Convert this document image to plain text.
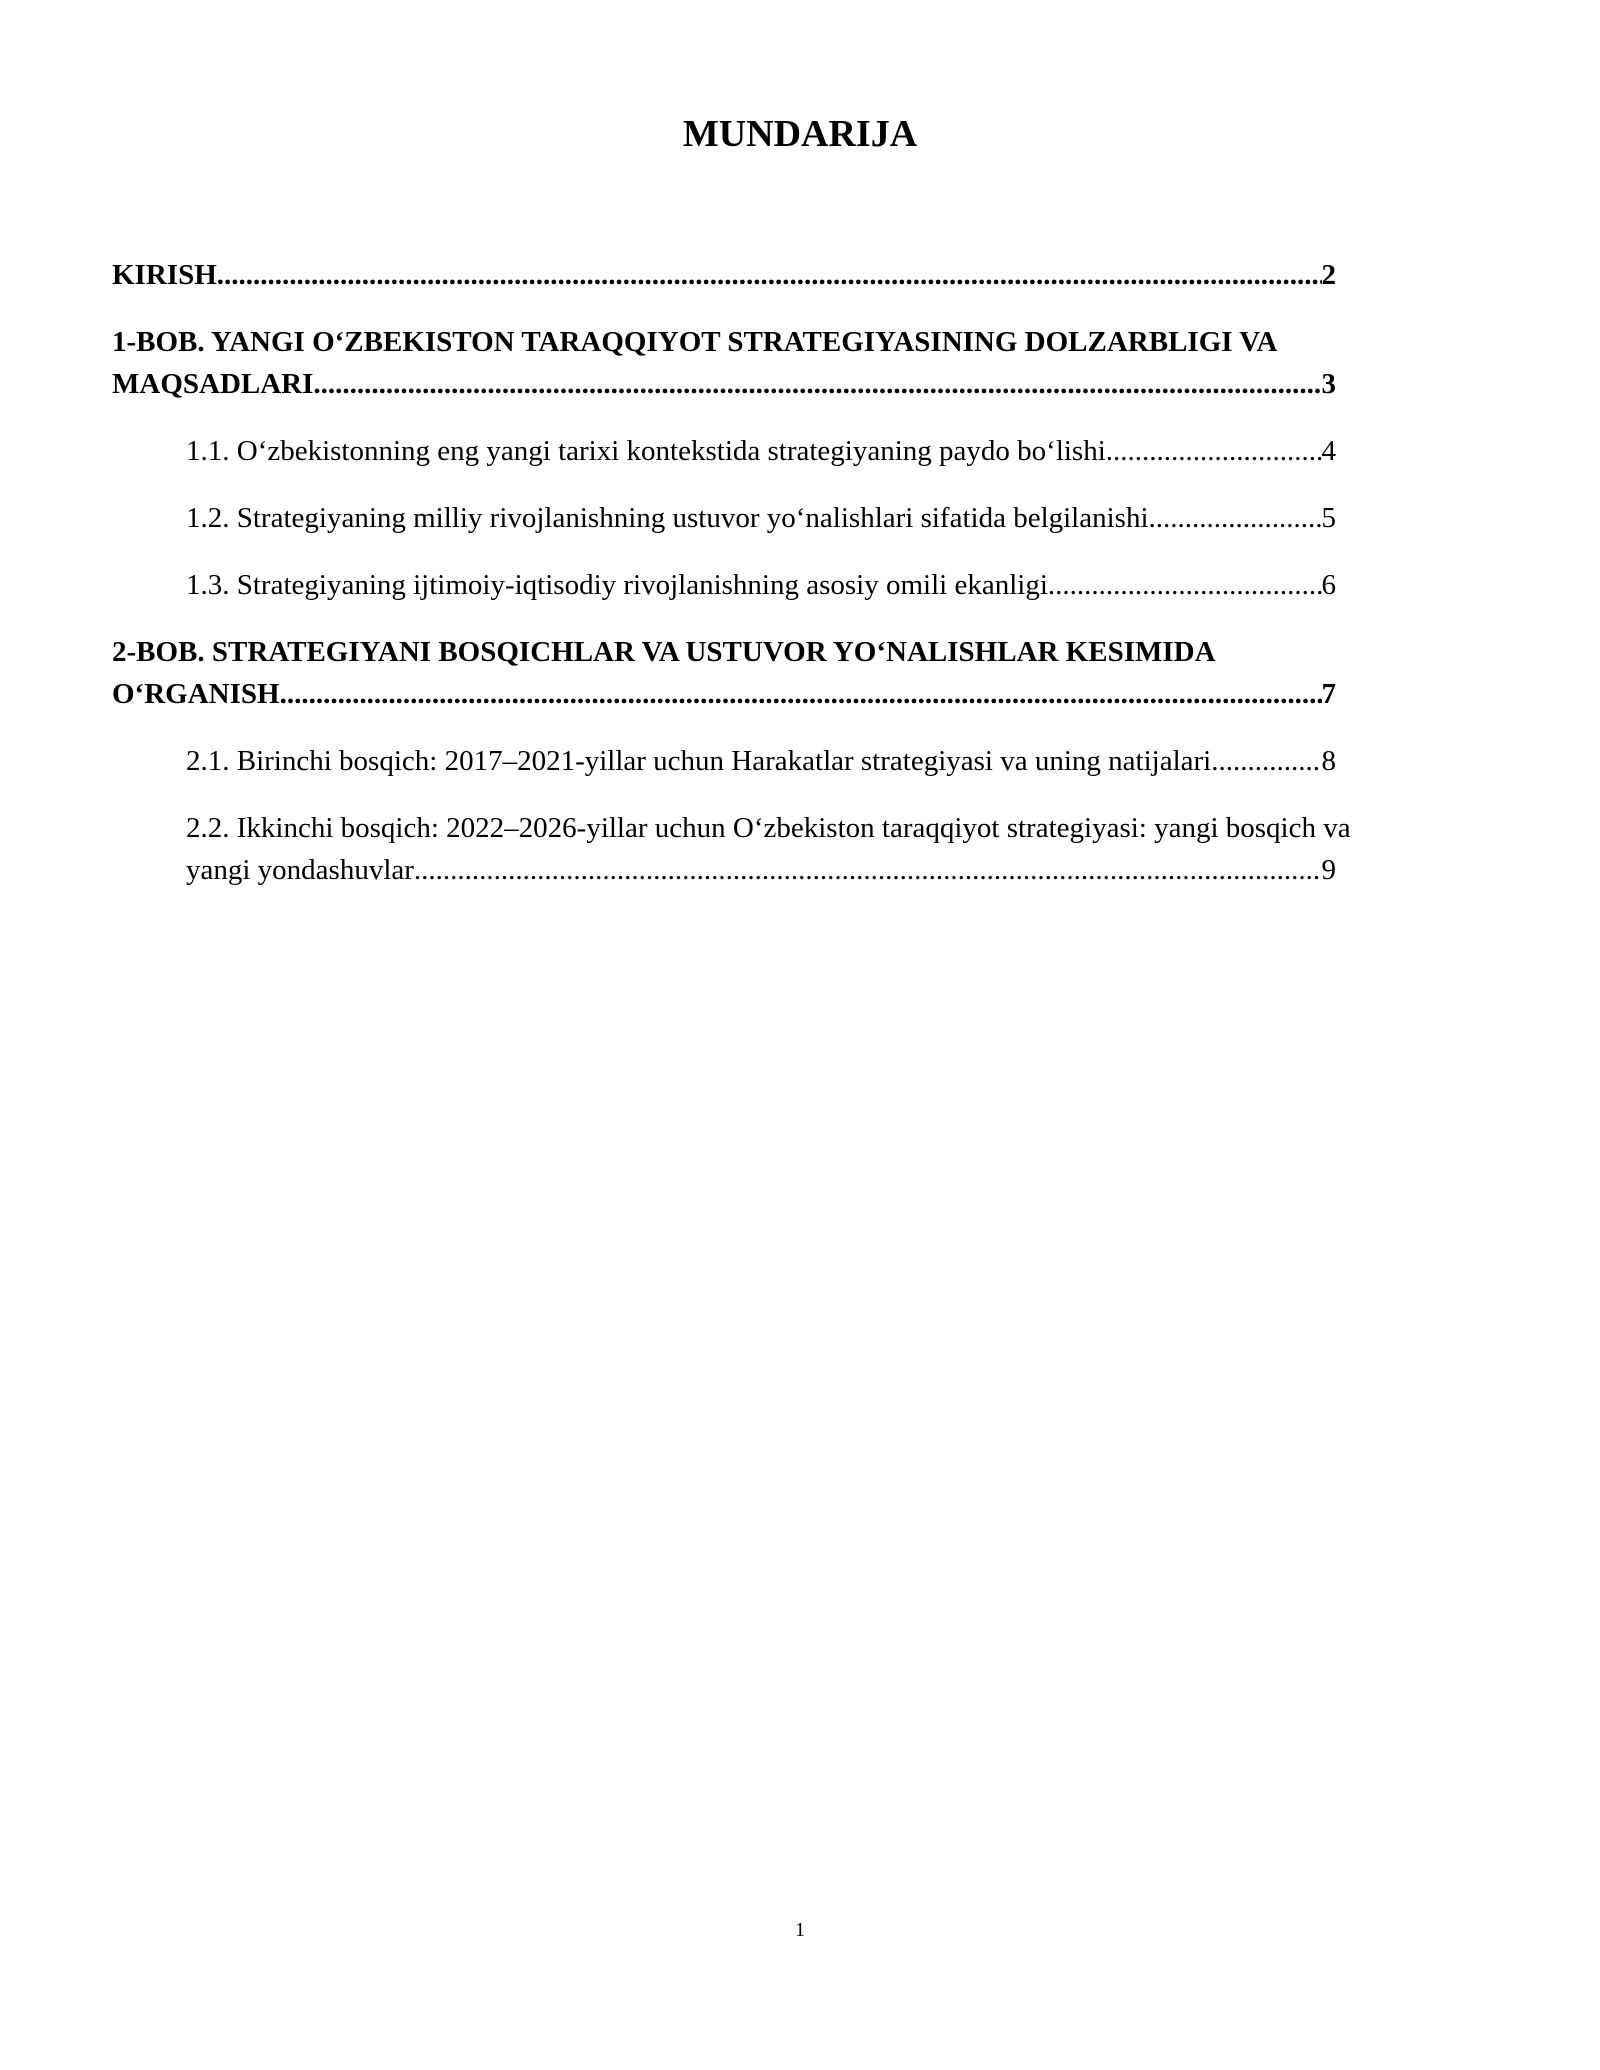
MUNDARIJA
KIRISH .....	2
1-BOB. YANGI O‘ZBEKISTON TARAQQIYOT STRATEGIYASINING DOLZARBLIGI VA
MAQSADLARI .....	3
1.1. O‘zbekistonning eng yangi tarixi kontekstida strategiyaning paydo bo‘lishi .....	4
1.2. Strategiyaning milliy rivojlanishning ustuvor yo‘nalishlari sifatida belgilanishi .....	5
1.3. Strategiyaning ijtimoiy-iqtisodiy rivojlanishning asosiy omili ekanligi .....	6
2-BOB. STRATEGIYANI BOSQICHLAR VA USTUVOR YO‘NALISHLAR KESIMIDA
O‘RGANISH .....	7
2.1. Birinchi bosqich: 2017–2021-yillar uchun Harakatlar strategiyasi va uning natijalari .....	8
2.2. Ikkinchi bosqich: 2022–2026-yillar uchun O‘zbekiston taraqqiyot strategiyasi: yangi bosqich va
yangi yondashuvlar .....	9
1
